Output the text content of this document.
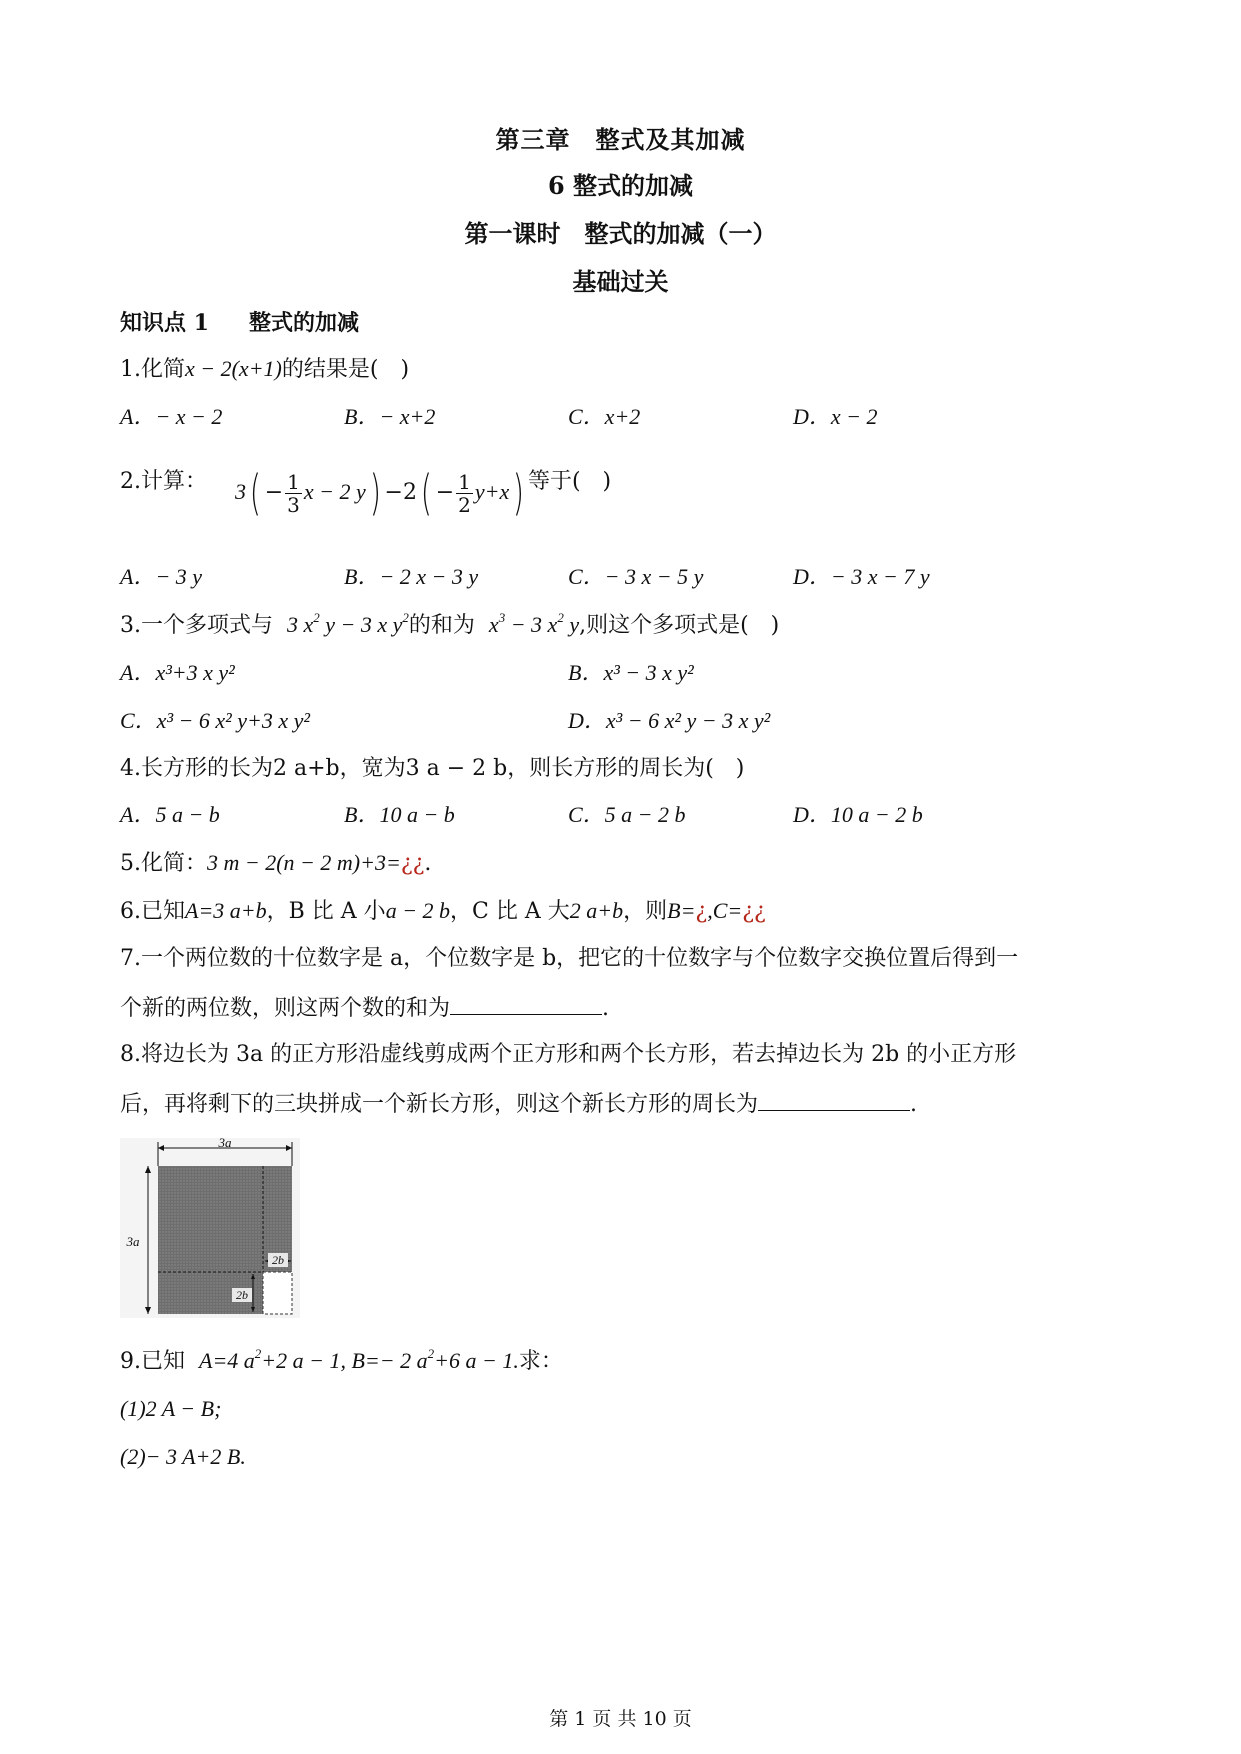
第三章　整式及其加减
6 整式的加减
第一课时　整式的加减（一）
基础过关
知识点 1 整式的加减
1.化简x − 2(x+1)的结果是(　)
A．− x − 2	B．− x+2	C．x+2	D．x − 2
2.计算： $3( - \frac{1}{3}$ x − 2 $y) -2( - \frac{1}{2} y+x)$ 等于(　)
A．− 3 y	B．− 2 x − 3 y	C．− 3 x − 5 y	D．− 3 x − 7 y
3.一个多项式与 3 $x^2$ y − 3 x $y^2$的和为 $x^3 - 3$ $x^2$ y,则这个多项式是(　)
A．x³+3 x y²	B．x³ − 3 x y²
C．x³ − 6 x² y+3 x y²	D．x³ − 6 x² y − 3 x y²
4.长方形的长为2 a+b，宽为3 a − 2 b，则长方形的周长为(　)
A．5 a − b	B．10 a − b	C．5 a − 2 b	D．10 a − 2 b
5.化简：3 m − 2(n − 2 m)+3=¿¿.
6.已知A=3 a+b，B 比 A 小a − 2 b，C 比 A 大2 a+b，则B=¿,C=¿¿
7.一个两位数的十位数字是 a，个位数字是 b，把它的十位数字与个位数字交换位置后得到一
个新的两位数，则这两个数的和为	.
8.将边长为 3a 的正方形沿虚线剪成两个正方形和两个长方形，若去掉边长为 2b 的小正方形
后，再将剩下的三块拼成一个新长方形，则这个新长方形的周长为	.
3a
3a
2b
2b
9.已知 A=4 $a^2+2$ a − 1, B=− 2 $a^2+6$ a − 1.求：
(1)2 A − B;
(2)− 3 A+2 B.
第 1 页 共 10 页
